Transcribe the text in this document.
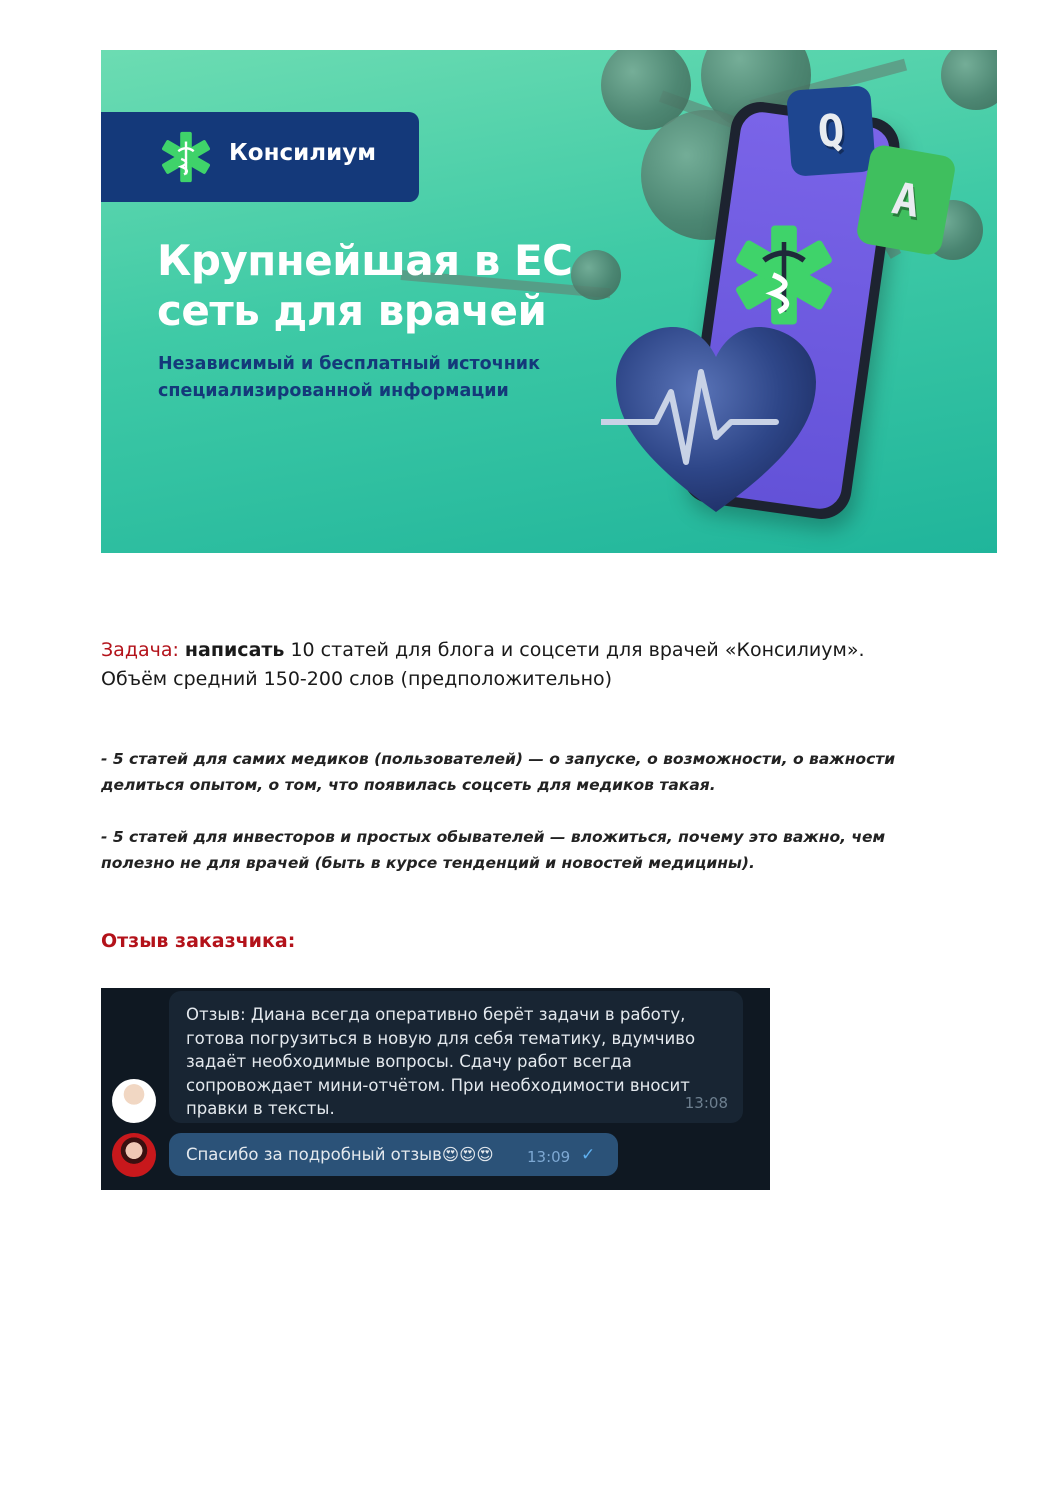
Консилиум
Крупнейшая в ЕС
сеть для врачей
Независимый и бесплатный источник
специализированной информации
Q
A
Задача: написать 10 статей для блога и соцсети для врачей «Консилиум».
Объём средний 150-200 слов (предположительно)
- 5 статей для самих медиков (пользователей) — о запуске, о возможности, о важности делиться опытом, о том, что появилась соцсеть для медиков такая.
- 5 статей для инвесторов и простых обывателей — вложиться, почему это важно, чем полезно не для врачей (быть в курсе тенденций и новостей медицины).
Отзыв заказчика:
Отзыв: Диана всегда оперативно берёт задачи в работу, готова погрузиться в новую для себя тематику, вдумчиво задаёт необходимые вопросы. Сдачу работ всегда сопровождает мини-отчётом. При необходимости вносит правки в тексты.	13:08
Спасибо за подробный отзыв😍😍😍 13:09 ✓
